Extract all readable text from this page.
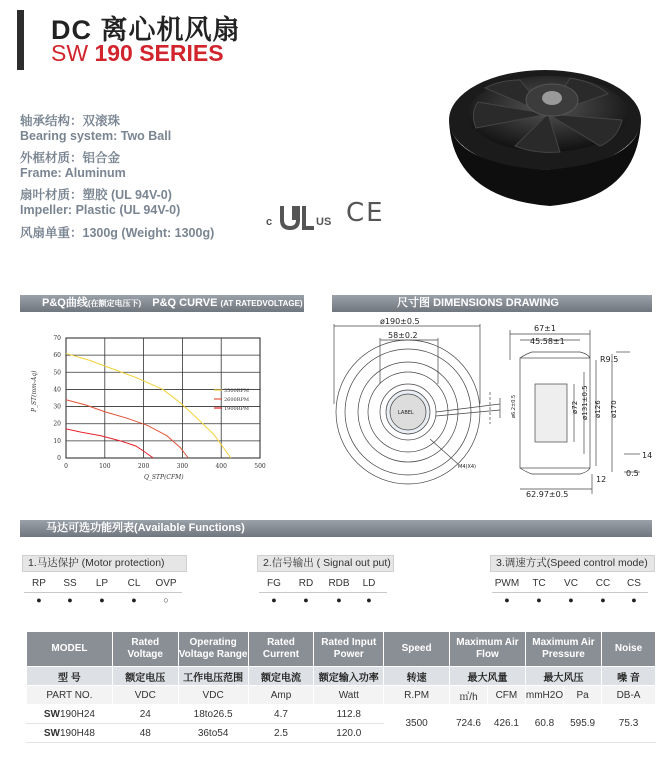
DC 离心机风扇
SW 190 SERIES
轴承结构：双滚珠
Bearing system: Two Ball
外框材质：铝合金
Frame: Aluminum
扇叶材质：塑胶 (UL 94V-0)
Impeller: Plastic (UL 94V-0)
风扇单重：1300g (Weight: 1300g)
c	US CE
P&Q曲线(在额定电压下) P&Q CURVE (AT RATEDVOLTAGE)
0
10
20
30
40
50
60
70
0	100	200	300	400	500
3500RPM
2600RPM
1900RPM
P_ST(mm-Aq)
Q_STP(CFM)
尺寸图 DIMENSIONS DRAWING
ø190±0.5
58±0.2
67±1
45.58±1
R9.5
ø72 ø131±0.5 ø126 ø170
ø6.2±0.5
12
14
0.5
62.97±0.5
M4(X4)
LABEL
马达可选功能列表(Available Functions)
1.马达保护 (Motor protection)	2.信号输出 ( Signal out put)	3.调速方式(Speed control mode)
RP	SS	LP	CL	OVP
●	●	●	●	○
FG	RD	RDB	LD
●	●	●	●
PWM	TC	VC	CC	CS
●	●	●	●	●
MODEL	Rated Voltage	Operating Voltage Range	Rated Current	Rated Input Power	Speed	Maximum Air Flow		Maximum Air Pressure		Noise
型 号	额定电压	工作电压范围	额定电流	额定输入功率	转速	最大风量		最大风压		噪 音
PART NO.	VDC	VDC	Amp	Watt	R.PM	㎥/h	CFM	mmH2O	Pa	DB-A
SW190H24	24	18to26.5	4.7	112.8	3500	724.6	426.1	60.8	595.9	75.3
SW190H48	48	36to54	2.5	120.0						
